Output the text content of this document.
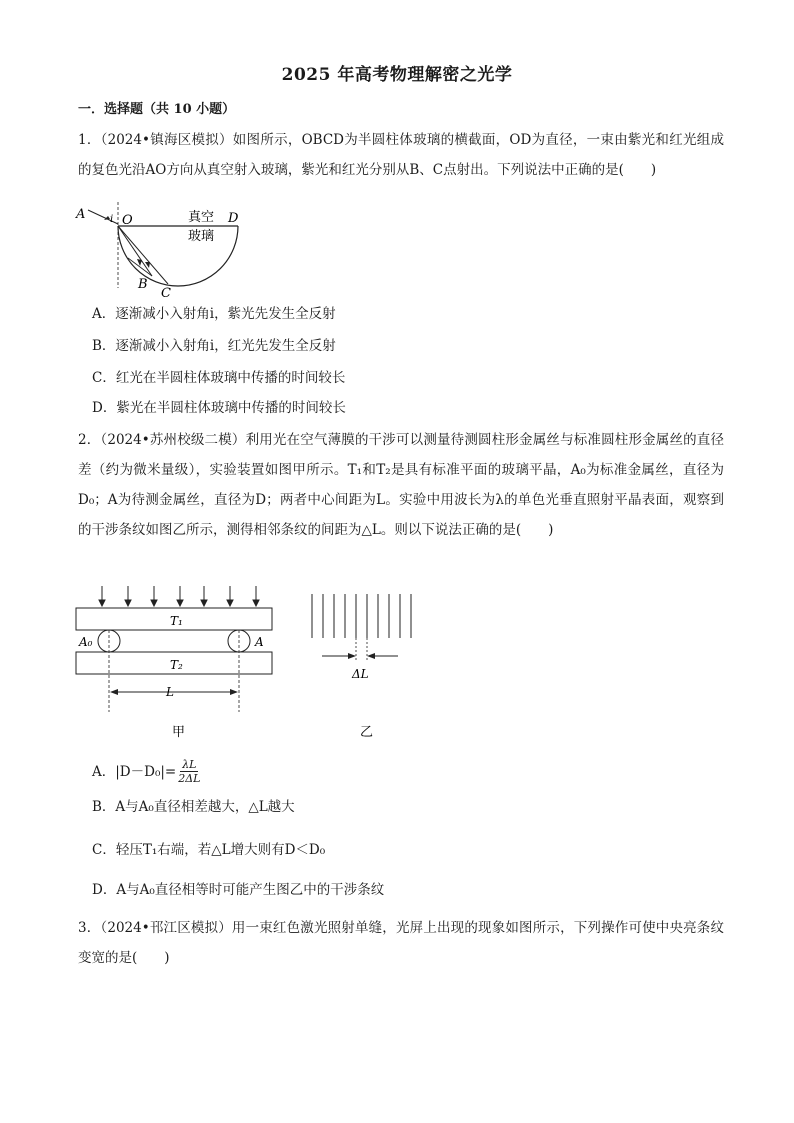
2025 年高考物理解密之光学
一．选择题（共 10 小题）
1．（2024•镇海区模拟）如图所示，OBCD为半圆柱体玻璃的横截面，OD为直径，一束由紫光和红光组成的复色光沿AO方向从真空射入玻璃，紫光和红光分别从B、C点射出。下列说法中正确的是(　　)
A	O
i	D
B
C
真空
玻璃
A．逐渐减小入射角i，紫光先发生全反射
B．逐渐减小入射角i，红光先发生全反射
C．红光在半圆柱体玻璃中传播的时间较长
D．紫光在半圆柱体玻璃中传播的时间较长
2．（2024•苏州校级二模）利用光在空气薄膜的干涉可以测量待测圆柱形金属丝与标准圆柱形金属丝的直径差（约为微米量级），实验装置如图甲所示。T₁和T₂是具有标准平面的玻璃平晶，A₀为标准金属丝，直径为D₀；A为待测金属丝，直径为D；两者中心间距为L。实验中用波长为λ的单色光垂直照射平晶表面，观察到的干涉条纹如图乙所示，测得相邻条纹的间距为△L。则以下说法正确的是(　　)
T₁
T₂
A₀	A
L
甲
ΔL
乙
A．$|D-D_0|= \frac{\lambda L}{2\Delta L}$
B．A与A₀直径相差越大，△L越大
C．轻压T₁右端，若△L增大则有D＜D₀
D．A与A₀直径相等时可能产生图乙中的干涉条纹
3．（2024•邗江区模拟）用一束红色激光照射单缝，光屏上出现的现象如图所示，下列操作可使中央亮条纹变宽的是(　　)
